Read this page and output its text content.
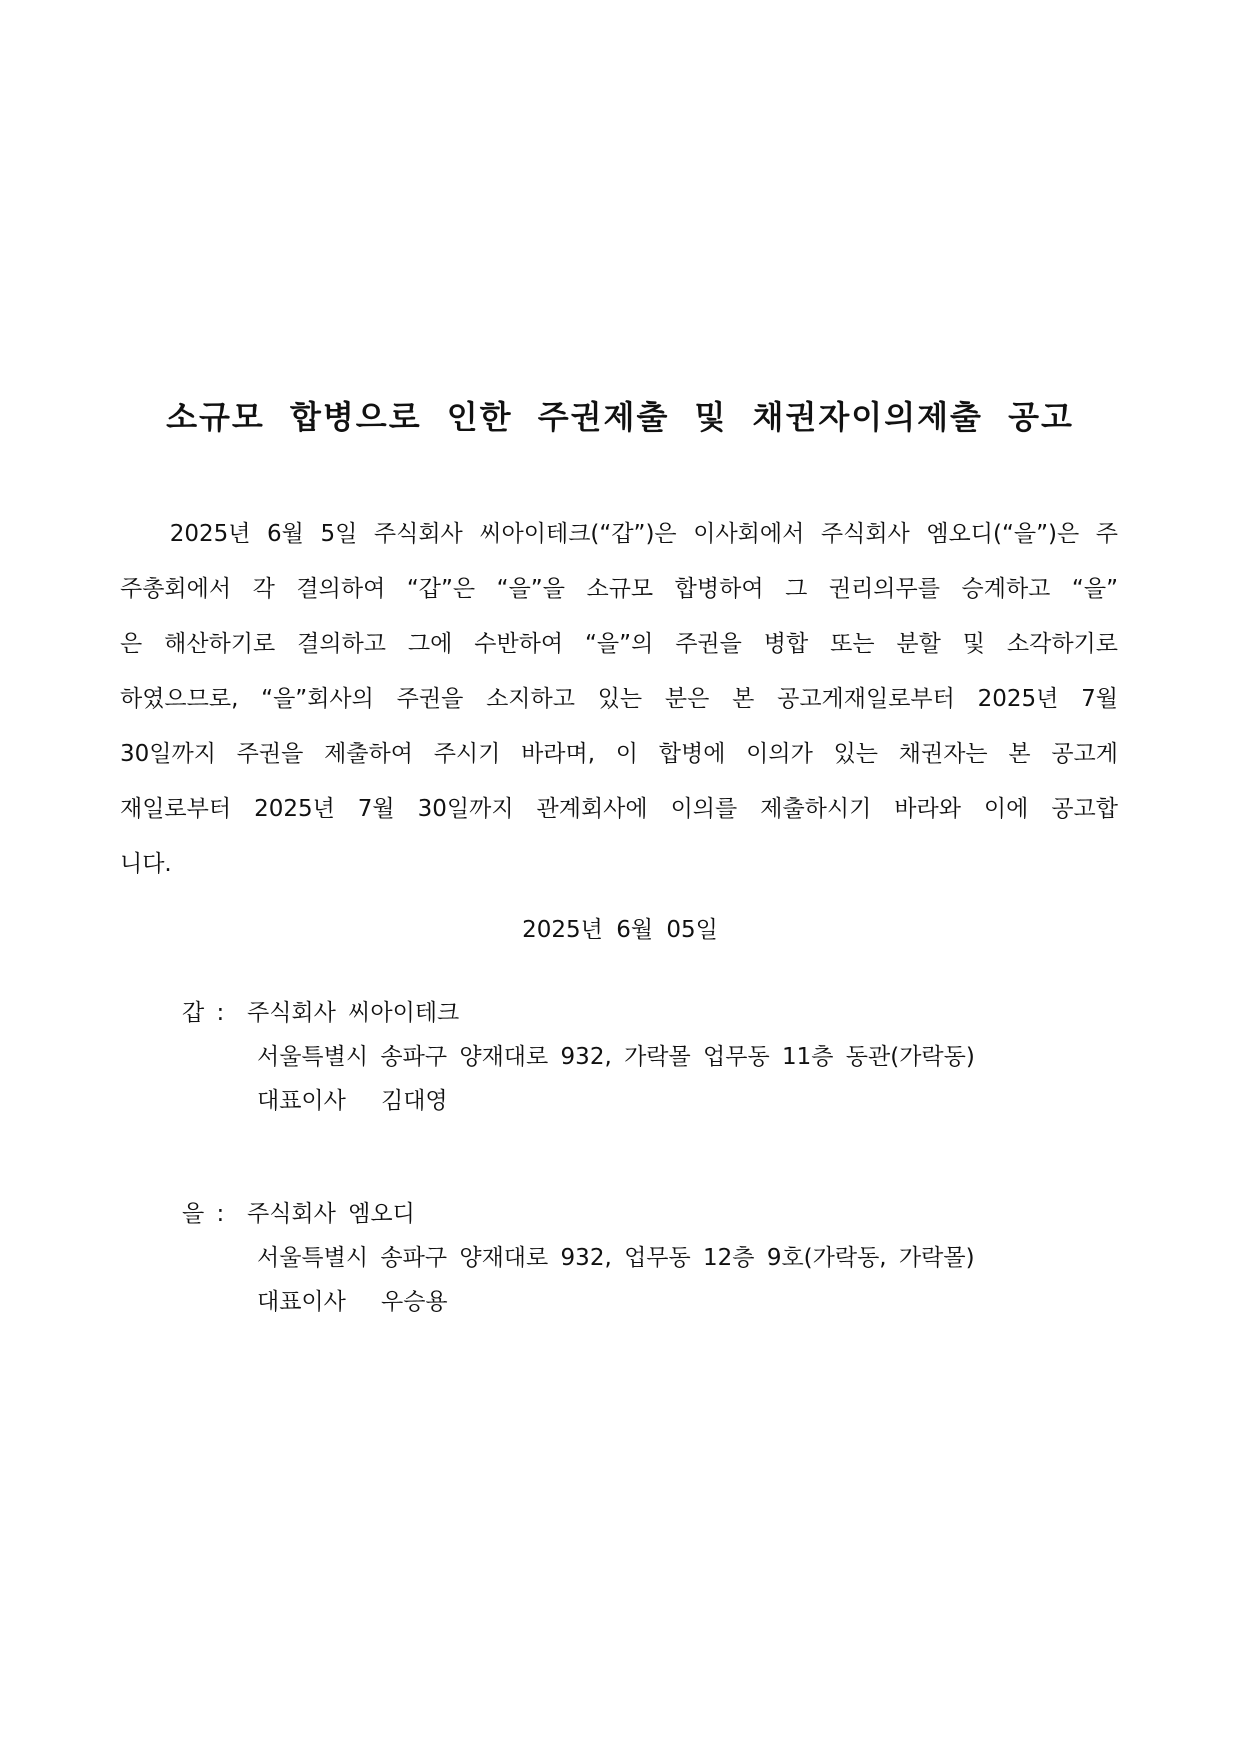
소규모 합병으로 인한 주권제출 및 채권자이의제출 공고
2025년 6월 5일 주식회사 씨아이테크(“갑”)은 이사회에서 주식회사 엠오디(“을”)은 주
주총회에서 각 결의하여 “갑”은 “을”을 소규모 합병하여 그 권리의무를 승계하고 “을”
은 해산하기로 결의하고 그에 수반하여 “을”의 주권을 병합 또는 분할 및 소각하기로
하였으므로, “을”회사의 주권을 소지하고 있는 분은 본 공고게재일로부터 2025년 7월
30일까지 주권을 제출하여 주시기 바라며, 이 합병에 이의가 있는 채권자는 본 공고게
재일로부터 2025년 7월 30일까지 관계회사에 이의를 제출하시기 바라와 이에 공고합
니다.
2025년 6월 05일
갑 : 주식회사 씨아이테크
서울특별시 송파구 양재대로 932, 가락몰 업무동 11층 동관(가락동)
대표이사 김대영
을 : 주식회사 엠오디
서울특별시 송파구 양재대로 932, 업무동 12층 9호(가락동, 가락몰)
대표이사 우승용
